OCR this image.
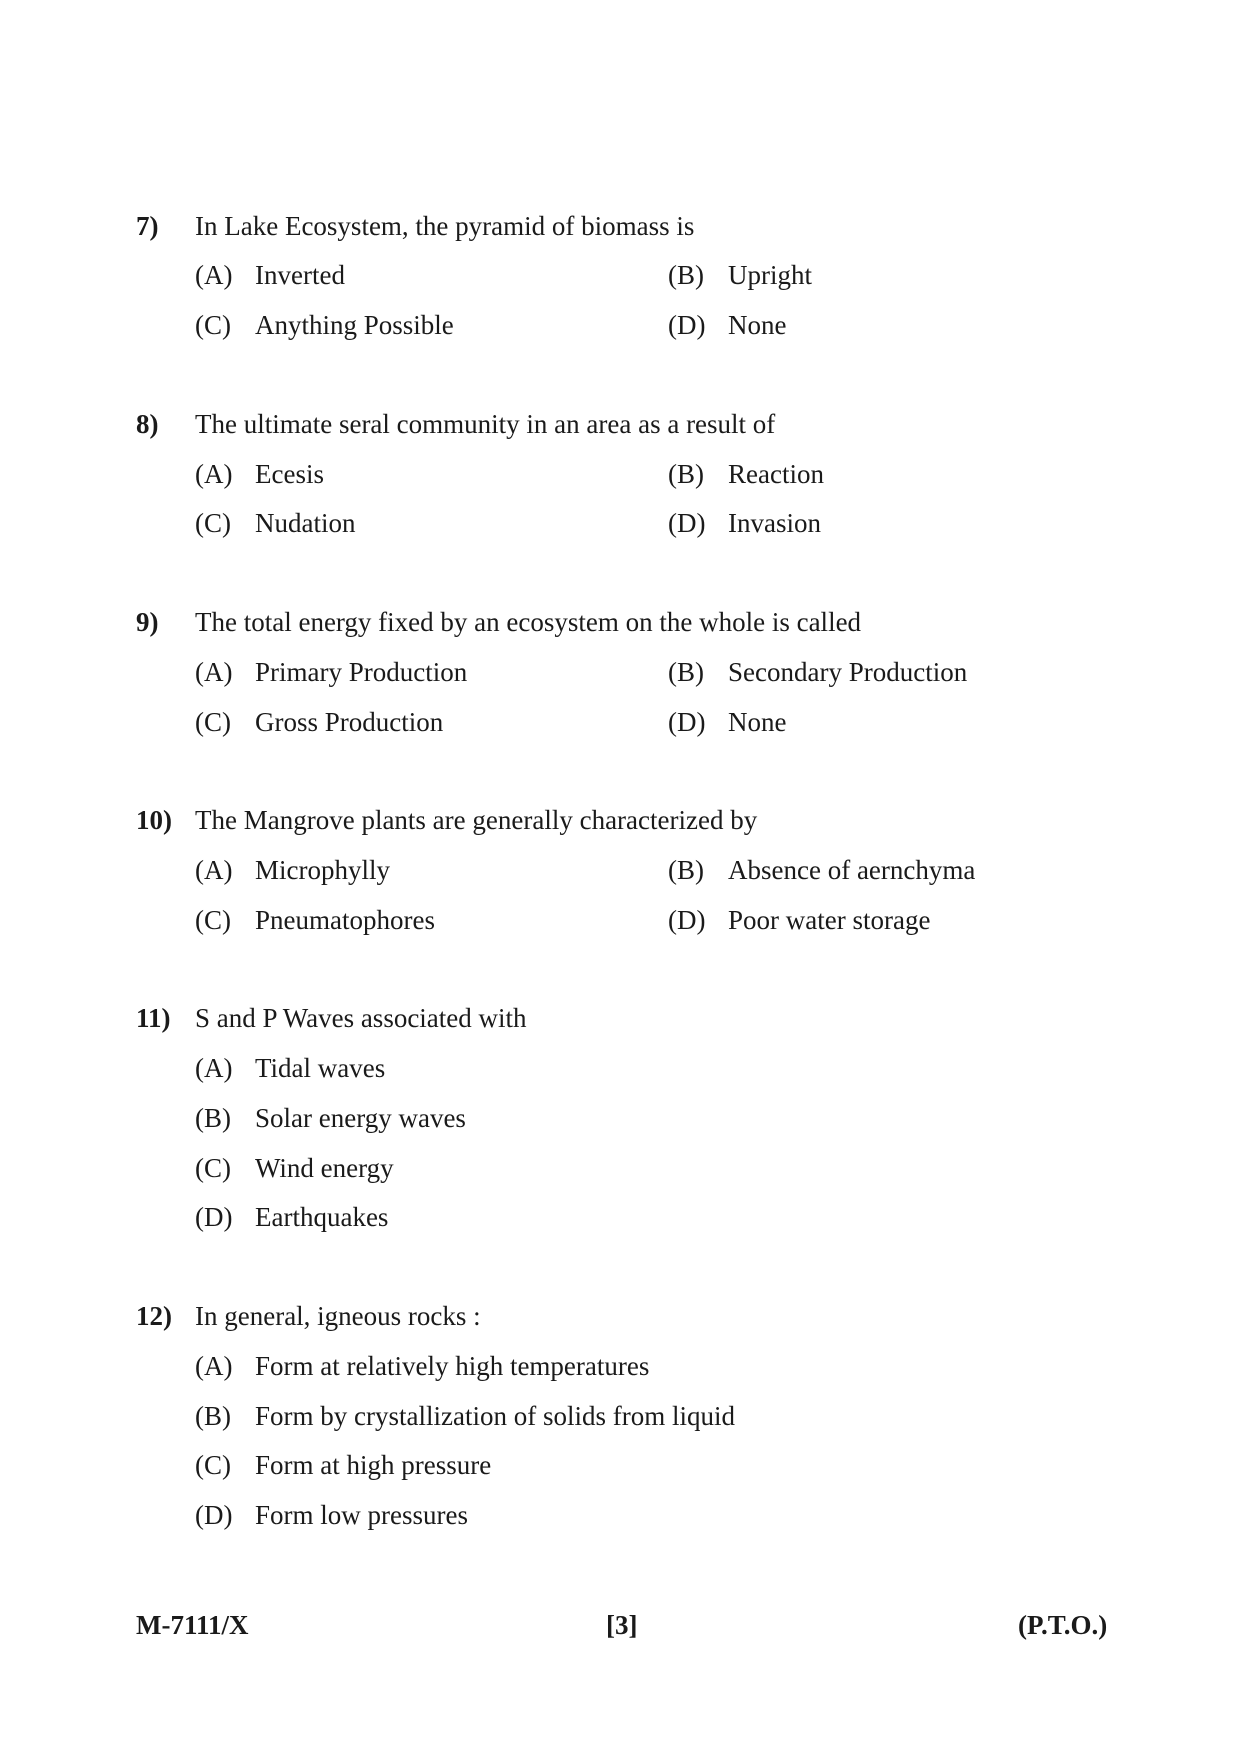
7) In Lake Ecosystem, the pyramid of biomass is
(A) Inverted	(B) Upright
(C) Anything Possible	(D) None
8) The ultimate seral community in an area as a result of
(A) Ecesis	(B) Reaction
(C) Nudation	(D) Invasion
9) The total energy fixed by an ecosystem on the whole is called
(A) Primary Production	(B) Secondary Production
(C) Gross Production	(D) None
10) The Mangrove plants are generally characterized by
(A) Microphylly	(B) Absence of aernchyma
(C) Pneumatophores	(D) Poor water storage
11) S and P Waves associated with
(A) Tidal waves
(B) Solar energy waves
(C) Wind energy
(D) Earthquakes
12) In general, igneous rocks :
(A) Form at relatively high temperatures
(B) Form by crystallization of solids from liquid
(C) Form at high pressure
(D) Form low pressures
M-7111/X	[3]	(P.T.O.)
